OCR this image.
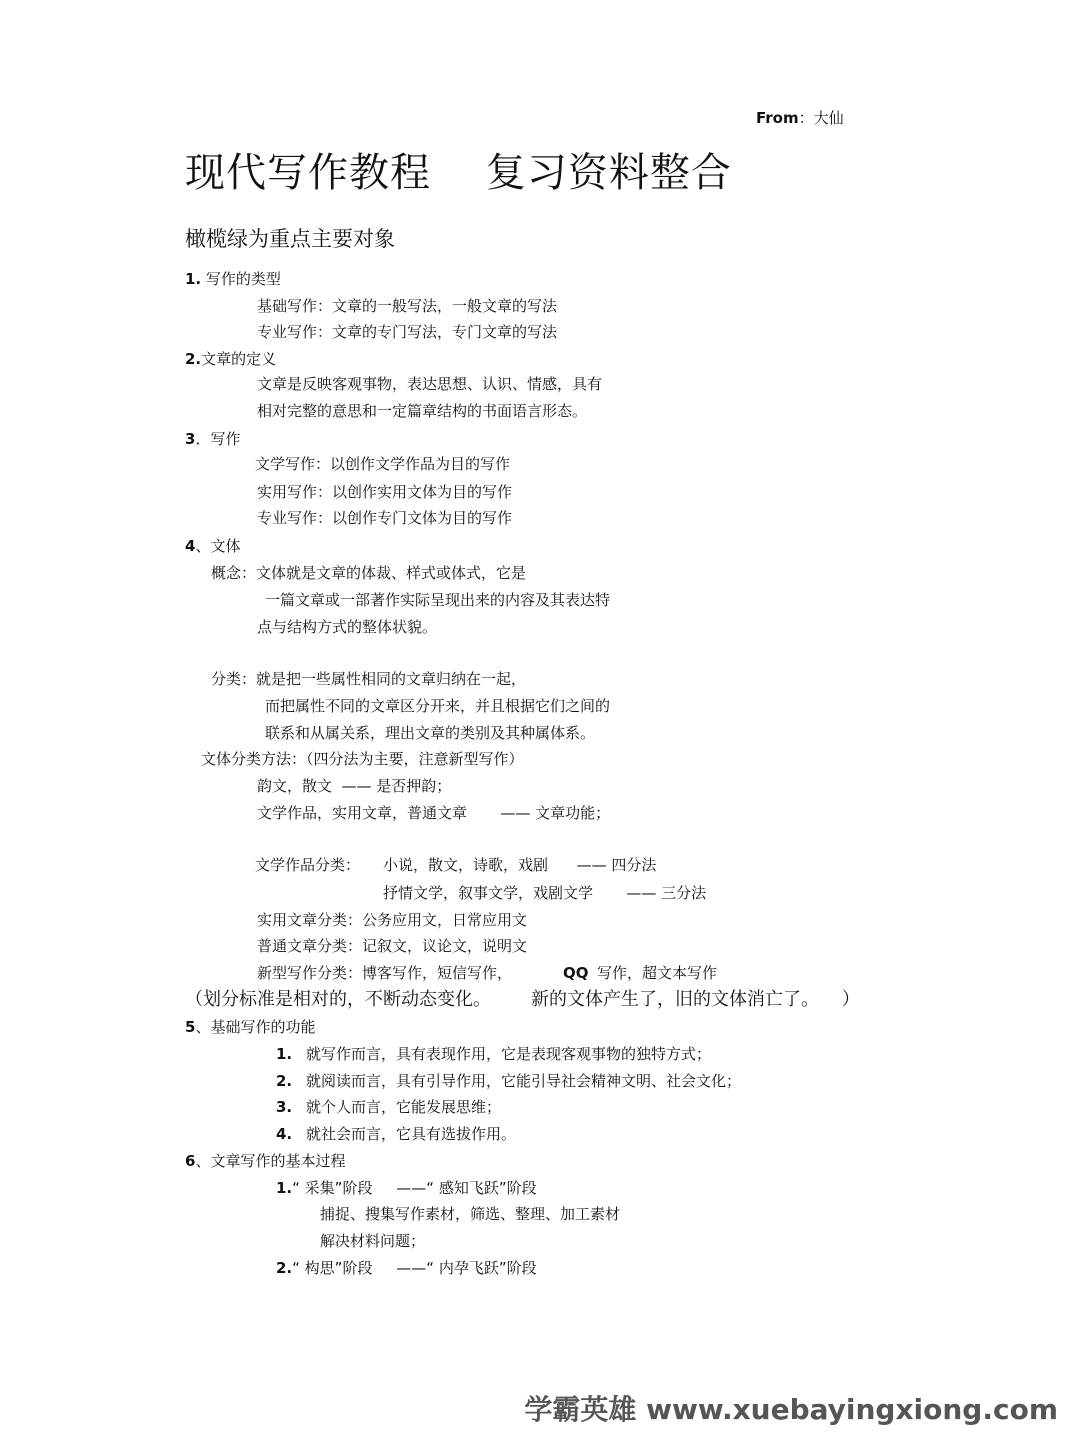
From：大仙
现代写作教程    复习资料整合
橄榄绿为重点主要对象
1. 写作的类型
基础写作：文章的一般写法，一般文章的写法
专业写作：文章的专门写法，专门文章的写法
2.文章的定义
文章是反映客观事物，表达思想、认识、情感，具有
相对完整的意思和一定篇章结构的书面语言形态。
3．写作
文学写作：以创作文学作品为目的写作
实用写作：以创作实用文体为目的写作
专业写作：以创作专门文体为目的写作
4、文体
概念：文体就是文章的体裁、样式或体式，它是
一篇文章或一部著作实际呈现出来的内容及其表达特
点与结构方式的整体状貌。
分类：就是把一些属性相同的文章归纳在一起，
而把属性不同的文章区分开来，并且根据它们之间的
联系和从属关系，理出文章的类别及其种属体系。
文体分类方法：（四分法为主要，注意新型写作）
韵文，散文  —— 是否押韵；
文学作品，实用文章，普通文章       —— 文章功能；
文学作品分类： 小说，散文，诗歌，戏剧      —— 四分法
抒情文学，叙事文学，戏剧文学       —— 三分法
实用文章分类：公务应用文，日常应用文
普通文章分类：记叙文，议论文，说明文
新型写作分类：博客写作，短信写作，	QQ 写作，超文本写作
（划分标准是相对的，不断动态变化。       新的文体产生了，旧的文体消亡了。    ）
5、基础写作的功能
1. 就写作而言，具有表现作用，它是表现客观事物的独特方式；
2. 就阅读而言，具有引导作用，它能引导社会精神文明、社会文化；
3. 就个人而言，它能发展思维；
4. 就社会而言，它具有选拔作用。
6、文章写作的基本过程
1.“ 采集”阶段     ——“ 感知飞跃”阶段
捕捉、搜集写作素材，筛选、整理、加工素材
解决材料问题；
2.“ 构思”阶段     ——“ 内孕飞跃”阶段
学霸英雄 www.xuebayingxiong.com
